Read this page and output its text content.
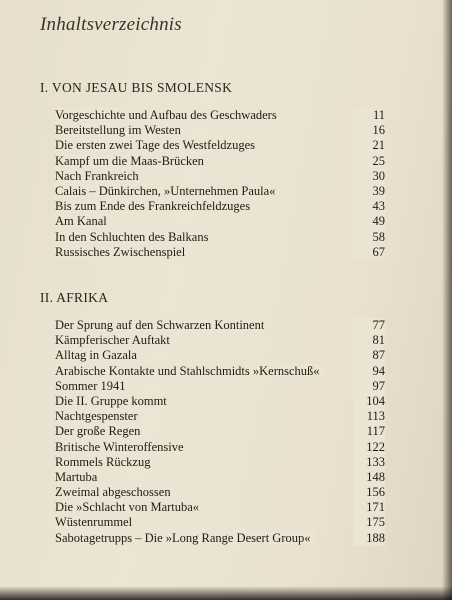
Inhaltsverzeichnis
I. VON JESAU BIS SMOLENSK
Vorgeschichte und Aufbau des Geschwaders	11
Bereitstellung im Westen	16
Die ersten zwei Tage des Westfeldzuges	21
Kampf um die Maas-Brücken	25
Nach Frankreich	30
Calais – Dünkirchen, »Unternehmen Paula«	39
Bis zum Ende des Frankreichfeldzuges	43
Am Kanal	49
In den Schluchten des Balkans	58
Russisches Zwischenspiel	67
II. AFRIKA
Der Sprung auf den Schwarzen Kontinent	77
Kämpferischer Auftakt	81
Alltag in Gazala	87
Arabische Kontakte und Stahlschmidts »Kernschuß«	94
Sommer 1941	97
Die II. Gruppe kommt	104
Nachtgespenster	113
Der große Regen	117
Britische Winteroffensive	122
Rommels Rückzug	133
Martuba	148
Zweimal abgeschossen	156
Die »Schlacht von Martuba«	171
Wüstenrummel	175
Sabotagetrupps – Die »Long Range Desert Group«	188
